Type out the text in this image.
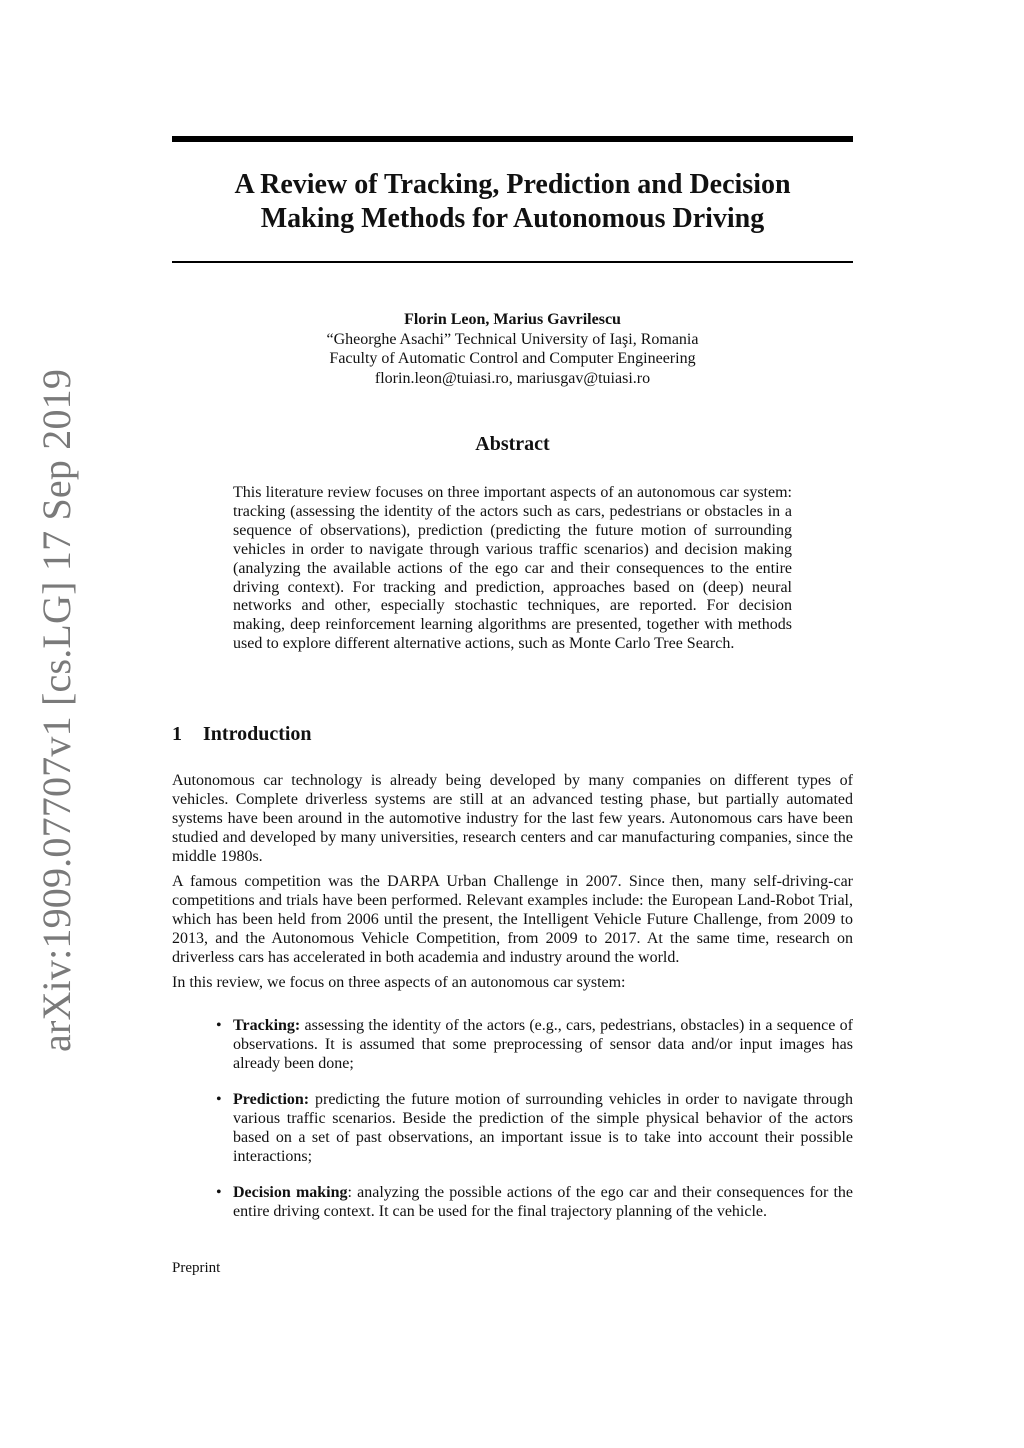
arXiv:1909.07707v1 [cs.LG] 17 Sep 2019
A Review of Tracking, Prediction and Decision
Making Methods for Autonomous Driving
Florin Leon, Marius Gavrilescu
“Gheorghe Asachi” Technical University of Iaşi, Romania
Faculty of Automatic Control and Computer Engineering
florin.leon@tuiasi.ro, mariusgav@tuiasi.ro
Abstract

This literature review focuses on three important aspects of an autonomous car system: tracking (assessing the identity of the actors such as cars, pedestrians or obstacles in a sequence of observations), prediction (predicting the future motion of surrounding vehicles in order to navigate through various traffic scenarios) and decision making (analyzing the available actions of the ego car and their consequences to the entire driving context). For tracking and prediction, approaches based on (deep) neural networks and other, especially stochastic techniques, are reported. For decision making, deep reinforcement learning algorithms are presented, together with methods used to explore different alternative actions, such as Monte Carlo Tree Search.

1 Introduction

Autonomous car technology is already being developed by many companies on different types of vehicles. Complete driverless systems are still at an advanced testing phase, but partially automated systems have been around in the automotive industry for the last few years. Autonomous cars have been studied and developed by many universities, research centers and car manufacturing companies, since the middle 1980s.

A famous competition was the DARPA Urban Challenge in 2007. Since then, many self-driving-car competitions and trials have been performed. Relevant examples include: the European Land-Robot Trial, which has been held from 2006 until the present, the Intelligent Vehicle Future Challenge, from 2009 to 2013, and the Autonomous Vehicle Competition, from 2009 to 2017. At the same time, research on driverless cars has accelerated in both academia and industry around the world.

In this review, we focus on three aspects of an autonomous car system:

• Tracking: assessing the identity of the actors (e.g., cars, pedestrians, obstacles) in a sequence of observations. It is assumed that some preprocessing of sensor data and/or input images has already been done;
• Prediction: predicting the future motion of surrounding vehicles in order to navigate through various traffic scenarios. Beside the prediction of the simple physical behavior of the actors based on a set of past observations, an important issue is to take into account their possible interactions;
• Decision making: analyzing the possible actions of the ego car and their consequences for the entire driving context. It can be used for the final trajectory planning of the vehicle.
Preprint
